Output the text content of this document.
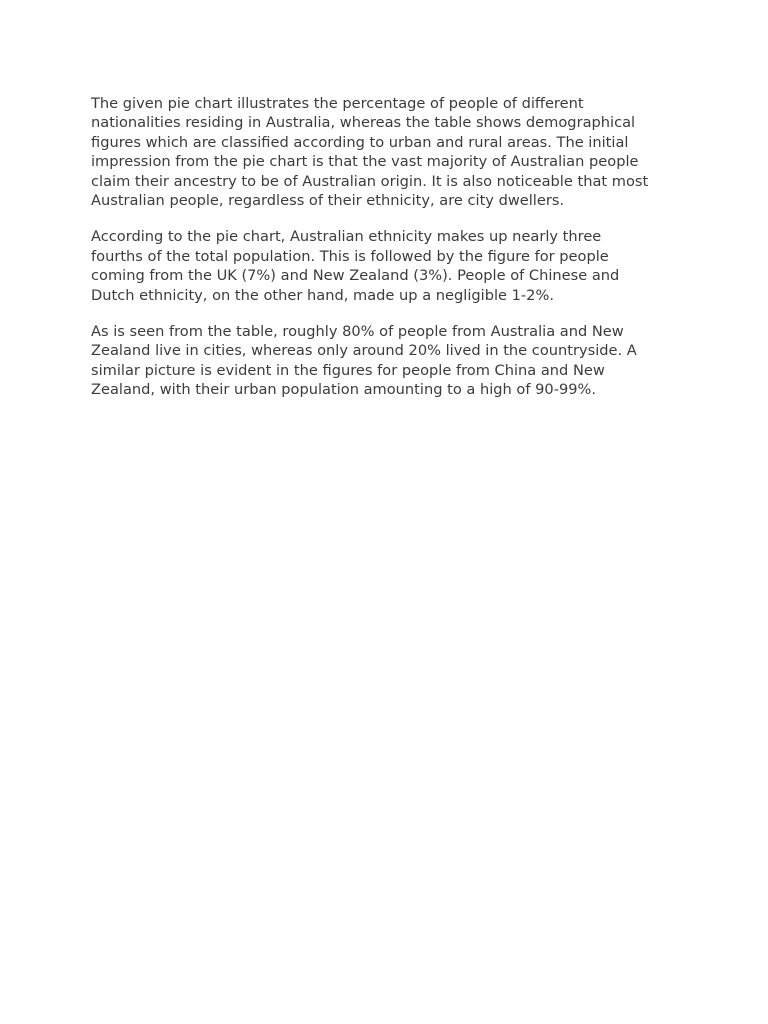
The given pie chart illustrates the percentage of people of different
nationalities residing in Australia, whereas the table shows demographical
figures which are classified according to urban and rural areas. The initial
impression from the pie chart is that the vast majority of Australian people
claim their ancestry to be of Australian origin. It is also noticeable that most
Australian people, regardless of their ethnicity, are city dwellers.

According to the pie chart, Australian ethnicity makes up nearly three
fourths of the total population. This is followed by the figure for people
coming from the UK (7%) and New Zealand (3%). People of Chinese and
Dutch ethnicity, on the other hand, made up a negligible 1-2%.

As is seen from the table, roughly 80% of people from Australia and New
Zealand live in cities, whereas only around 20% lived in the countryside. A
similar picture is evident in the figures for people from China and New
Zealand, with their urban population amounting to a high of 90-99%.
